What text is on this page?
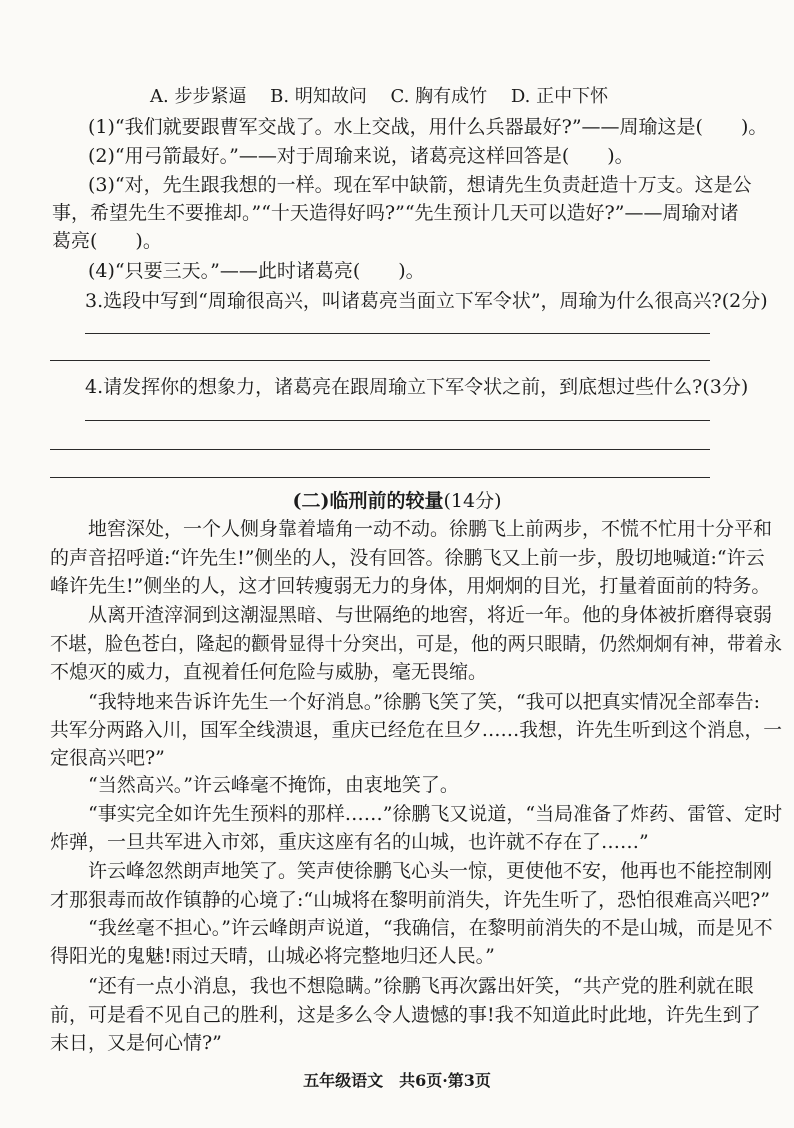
A. 步步紧逼　 B. 明知故问　 C. 胸有成竹　 D. 正中下怀
(1)“我们就要跟曹军交战了。水上交战，用什么兵器最好?”——周瑜这是(　　)。
(2)“用弓箭最好。”——对于周瑜来说，诸葛亮这样回答是(　　)。
(3)“对，先生跟我想的一样。现在军中缺箭，想请先生负责赶造十万支。这是公
事，希望先生不要推却。”“十天造得好吗?”“先生预计几天可以造好?”——周瑜对诸
葛亮(　　)。
(4)“只要三天。”——此时诸葛亮(　　)。
3.选段中写到“周瑜很高兴，叫诸葛亮当面立下军令状”，周瑜为什么很高兴?(2分)
4.请发挥你的想象力，诸葛亮在跟周瑜立下军令状之前，到底想过些什么?(3分)
(二)临刑前的较量(14分)
　　地窖深处，一个人侧身靠着墙角一动不动。徐鹏飞上前两步，不慌不忙用十分平和
的声音招呼道:“许先生!”侧坐的人，没有回答。徐鹏飞又上前一步，殷切地喊道:“许云
峰许先生!”侧坐的人，这才回转瘦弱无力的身体，用炯炯的目光，打量着面前的特务。
　　从离开渣滓洞到这潮湿黑暗、与世隔绝的地窖，将近一年。他的身体被折磨得衰弱
不堪，脸色苍白，隆起的颧骨显得十分突出，可是，他的两只眼睛，仍然炯炯有神，带着永
不熄灭的威力，直视着任何危险与威胁，毫无畏缩。
　　“我特地来告诉许先生一个好消息。”徐鹏飞笑了笑，“我可以把真实情况全部奉告:
共军分两路入川，国军全线溃退，重庆已经危在旦夕……我想，许先生听到这个消息，一
定很高兴吧?”
　　“当然高兴。”许云峰毫不掩饰，由衷地笑了。
　　“事实完全如许先生预料的那样……”徐鹏飞又说道，“当局准备了炸药、雷管、定时
炸弹，一旦共军进入市郊，重庆这座有名的山城，也许就不存在了……”
　　许云峰忽然朗声地笑了。笑声使徐鹏飞心头一惊，更使他不安，他再也不能控制刚
才那狠毒而故作镇静的心境了:“山城将在黎明前消失，许先生听了，恐怕很难高兴吧?”
　　“我丝毫不担心。”许云峰朗声说道，“我确信，在黎明前消失的不是山城，而是见不
得阳光的鬼魅!雨过天晴，山城必将完整地归还人民。”
　　“还有一点小消息，我也不想隐瞒。”徐鹏飞再次露出奸笑，“共产党的胜利就在眼
前，可是看不见自己的胜利，这是多么令人遗憾的事!我不知道此时此地，许先生到了
末日，又是何心情?”
五年级语文　共6页·第3页
